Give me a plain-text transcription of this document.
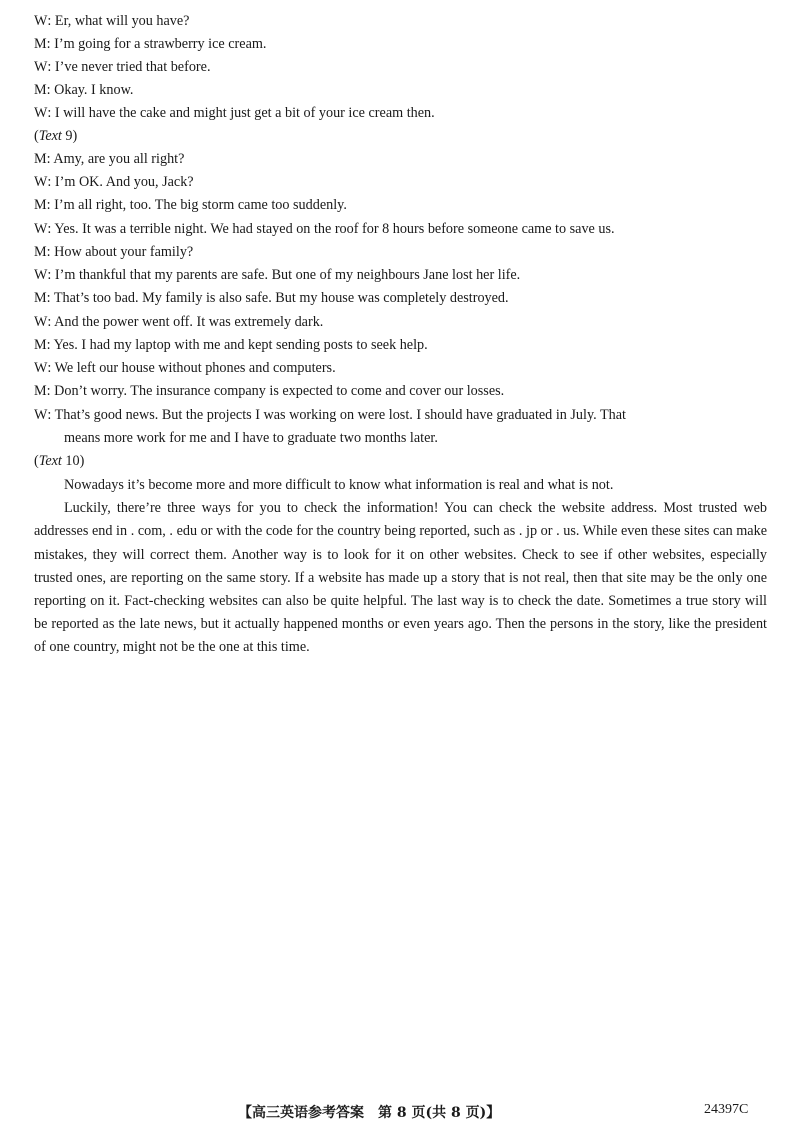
W: Er, what will you have?
M: I’m going for a strawberry ice cream.
W: I’ve never tried that before.
M: Okay. I know.
W: I will have the cake and might just get a bit of your ice cream then.
(Text 9)
M: Amy, are you all right?
W: I’m OK. And you, Jack?
M: I’m all right, too. The big storm came too suddenly.
W: Yes. It was a terrible night. We had stayed on the roof for 8 hours before someone came to save us.
M: How about your family?
W: I’m thankful that my parents are safe. But one of my neighbours Jane lost her life.
M: That’s too bad. My family is also safe. But my house was completely destroyed.
W: And the power went off. It was extremely dark.
M: Yes. I had my laptop with me and kept sending posts to seek help.
W: We left our house without phones and computers.
M: Don’t worry. The insurance company is expected to come and cover our losses.
W: That’s good news. But the projects I was working on were lost. I should have graduated in July. That
means more work for me and I have to graduate two months later.
(Text 10)

Nowadays it’s become more and more difficult to know what information is real and what is not.

Luckily, there’re three ways for you to check the information! You can check the website address. Most trusted web addresses end in . com, . edu or with the code for the country being reported, such as . jp or . us. While even these sites can make mistakes, they will correct them. Another way is to look for it on other websites. Check to see if other websites, especially trusted ones, are reporting on the same story. If a website has made up a story that is not real, then that site may be the only one reporting on it. Fact-checking websites can also be quite helpful. The last way is to check the date. Sometimes a true story will be reported as the late news, but it actually happened months or even years ago. Then the persons in the story, like the president of one country, might not be the one at this time.

【高三英语参考答案　第 8 页(共 8 页)】	24397C
